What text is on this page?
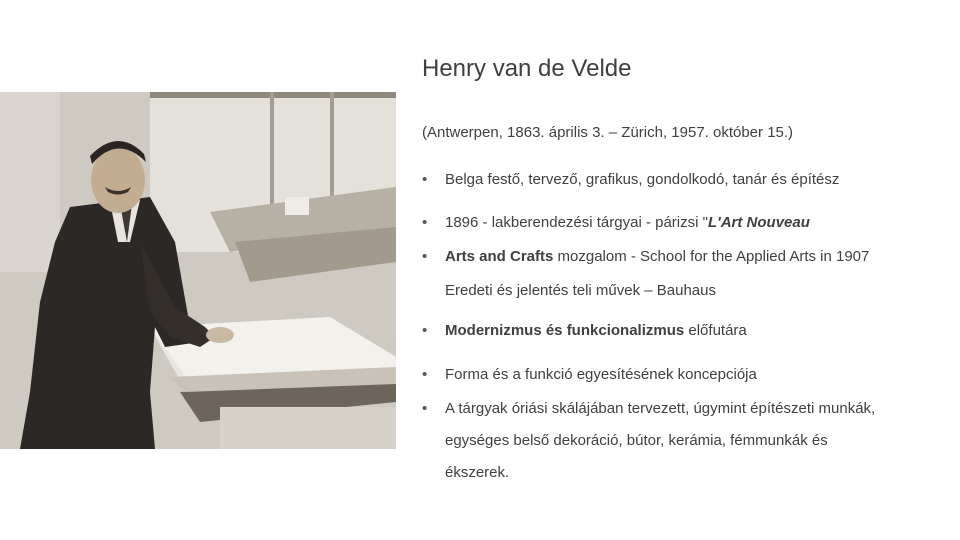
Henry van de Velde
(Antwerpen, 1863. április 3. – Zürich, 1957. október 15.)
•	Belga festő, tervező, grafikus, gondolkodó, tanár és építész
•	1896 - lakberendezési tárgyai - párizsi "L'Art Nouveau
•	Arts and Crafts mozgalom - School for the Applied Arts in 1907
Eredeti és jelentés teli művek – Bauhaus
•	Modernizmus és funkcionalizmus előfutára
•	Forma és a funkció egyesítésének koncepciója
•	A tárgyak óriási skálájában tervezett, úgymint építészeti munkák,
egységes belső dekoráció, bútor, kerámia, fémmunkák és
ékszerek.
